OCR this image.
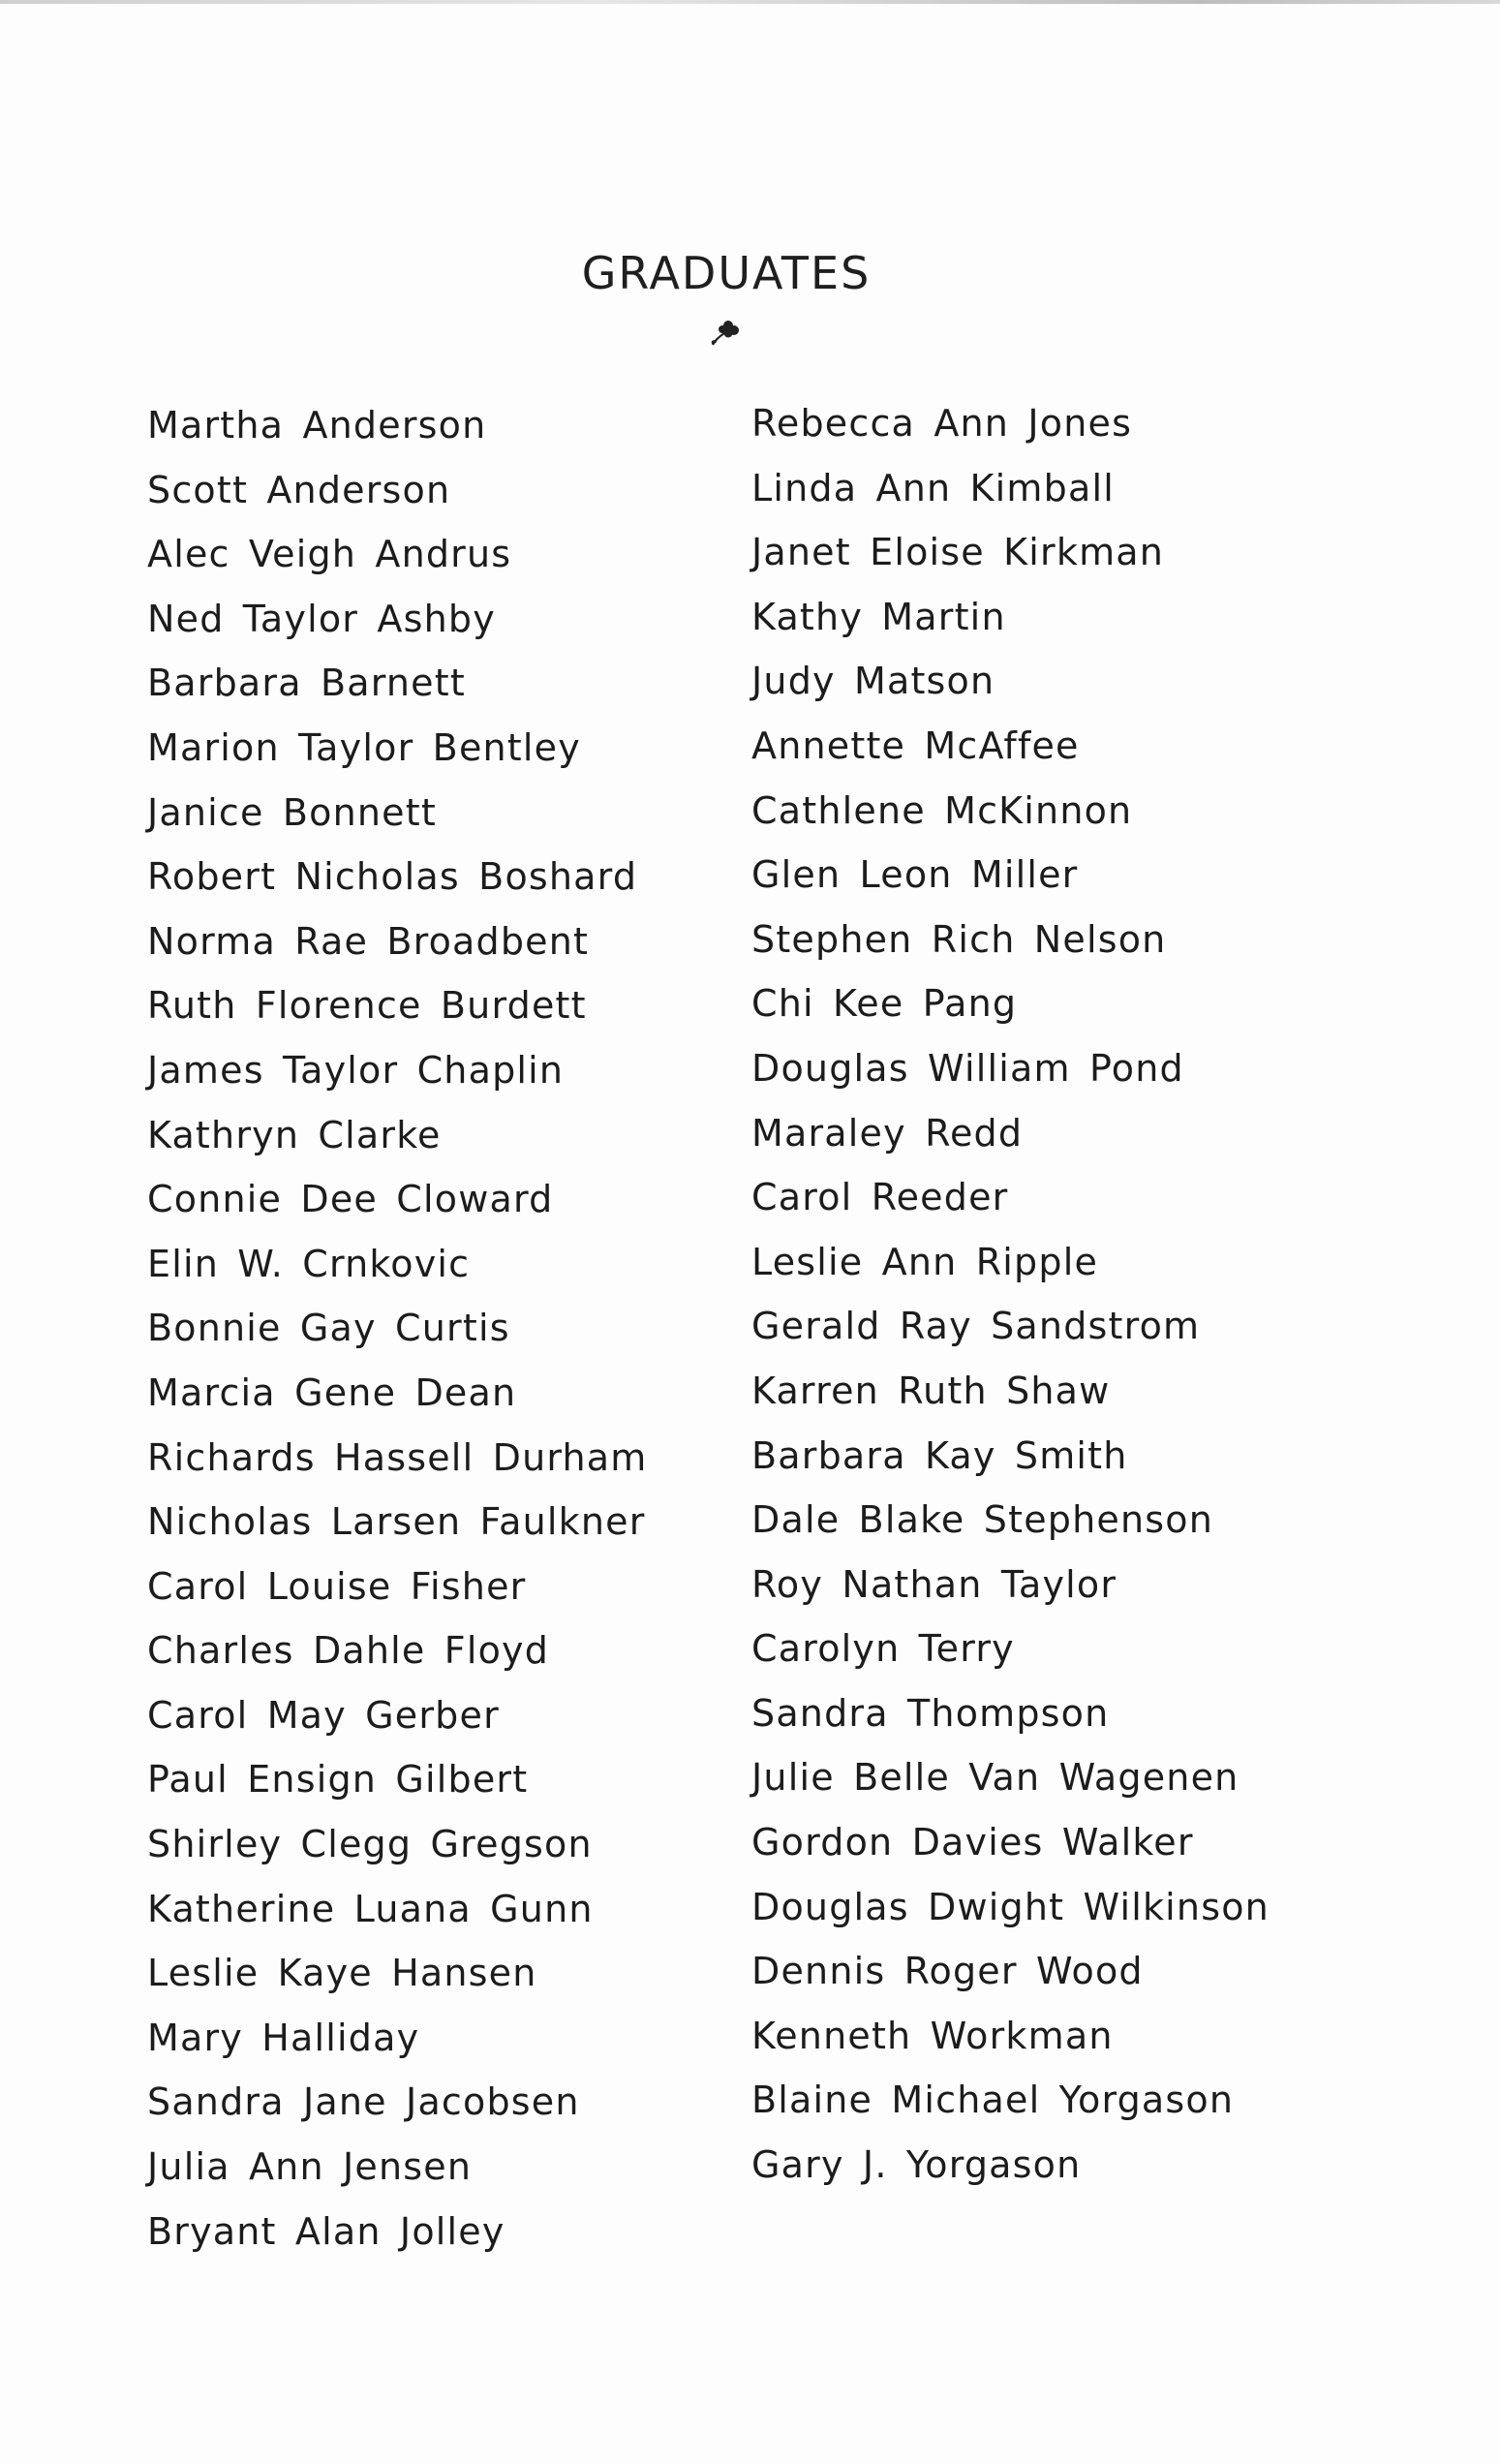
GRADUATES
Martha Anderson
Scott Anderson
Alec Veigh Andrus
Ned Taylor Ashby
Barbara Barnett
Marion Taylor Bentley
Janice Bonnett
Robert Nicholas Boshard
Norma Rae Broadbent
Ruth Florence Burdett
James Taylor Chaplin
Kathryn Clarke
Connie Dee Cloward
Elin W. Crnkovic
Bonnie Gay Curtis
Marcia Gene Dean
Richards Hassell Durham
Nicholas Larsen Faulkner
Carol Louise Fisher
Charles Dahle Floyd
Carol May Gerber
Paul Ensign Gilbert
Shirley Clegg Gregson
Katherine Luana Gunn
Leslie Kaye Hansen
Mary Halliday
Sandra Jane Jacobsen
Julia Ann Jensen
Bryant Alan Jolley
Rebecca Ann Jones
Linda Ann Kimball
Janet Eloise Kirkman
Kathy Martin
Judy Matson
Annette McAffee
Cathlene McKinnon
Glen Leon Miller
Stephen Rich Nelson
Chi Kee Pang
Douglas William Pond
Maraley Redd
Carol Reeder
Leslie Ann Ripple
Gerald Ray Sandstrom
Karren Ruth Shaw
Barbara Kay Smith
Dale Blake Stephenson
Roy Nathan Taylor
Carolyn Terry
Sandra Thompson
Julie Belle Van Wagenen
Gordon Davies Walker
Douglas Dwight Wilkinson
Dennis Roger Wood
Kenneth Workman
Blaine Michael Yorgason
Gary J. Yorgason
